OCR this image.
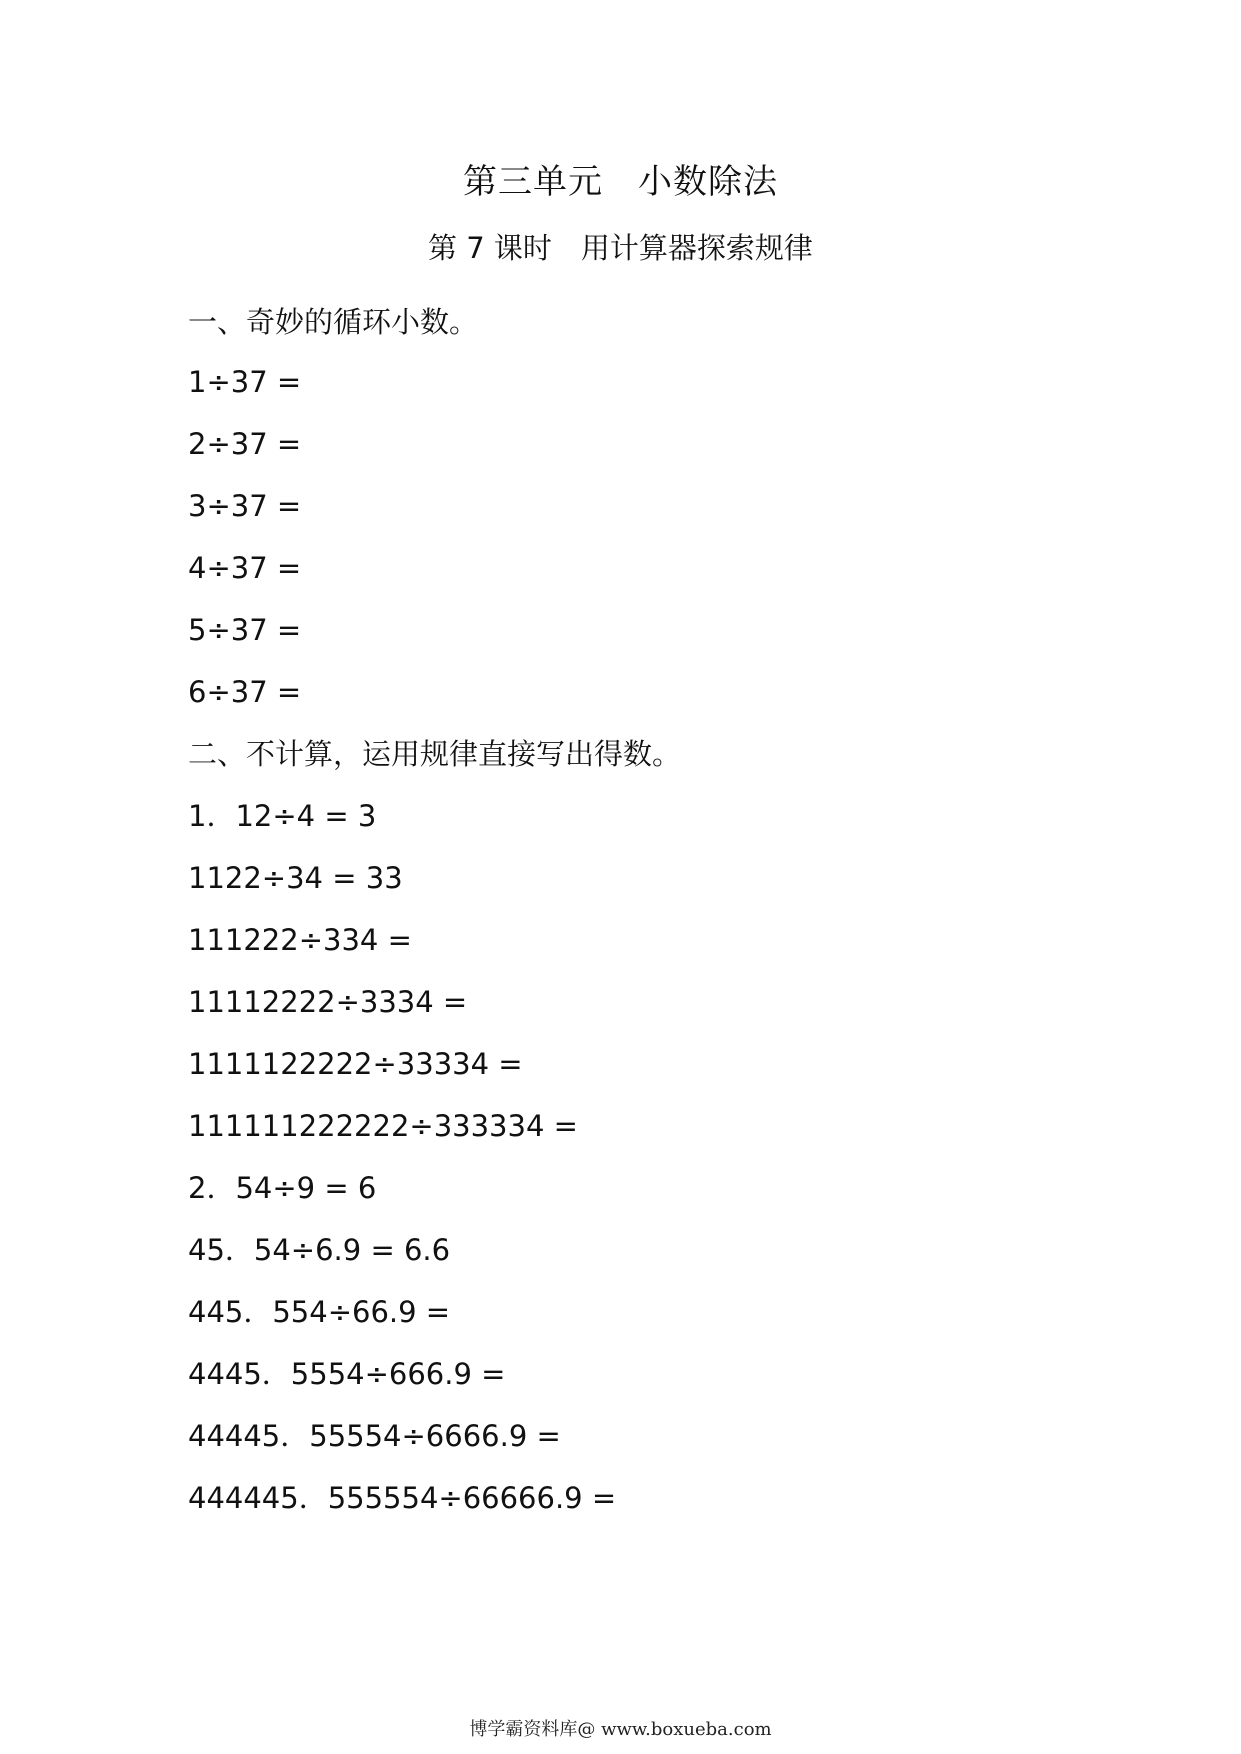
第三单元　小数除法
第 7 课时　用计算器探索规律
一、奇妙的循环小数。
1÷37 =
2÷37 =
3÷37 =
4÷37 =
5÷37 =
6÷37 =
二、不计算，运用规律直接写出得数。
1．12÷4 = 3
1122÷34 = 33
111222÷334 =
11112222÷3334 =
1111122222÷33334 =
111111222222÷333334 =
2．54÷9 = 6
45．54÷6.9 = 6.6
445．554÷66.9 =
4445．5554÷666.9 =
44445．55554÷6666.9 =
444445．555554÷66666.9 =
博学霸资料库@ www.boxueba.com
